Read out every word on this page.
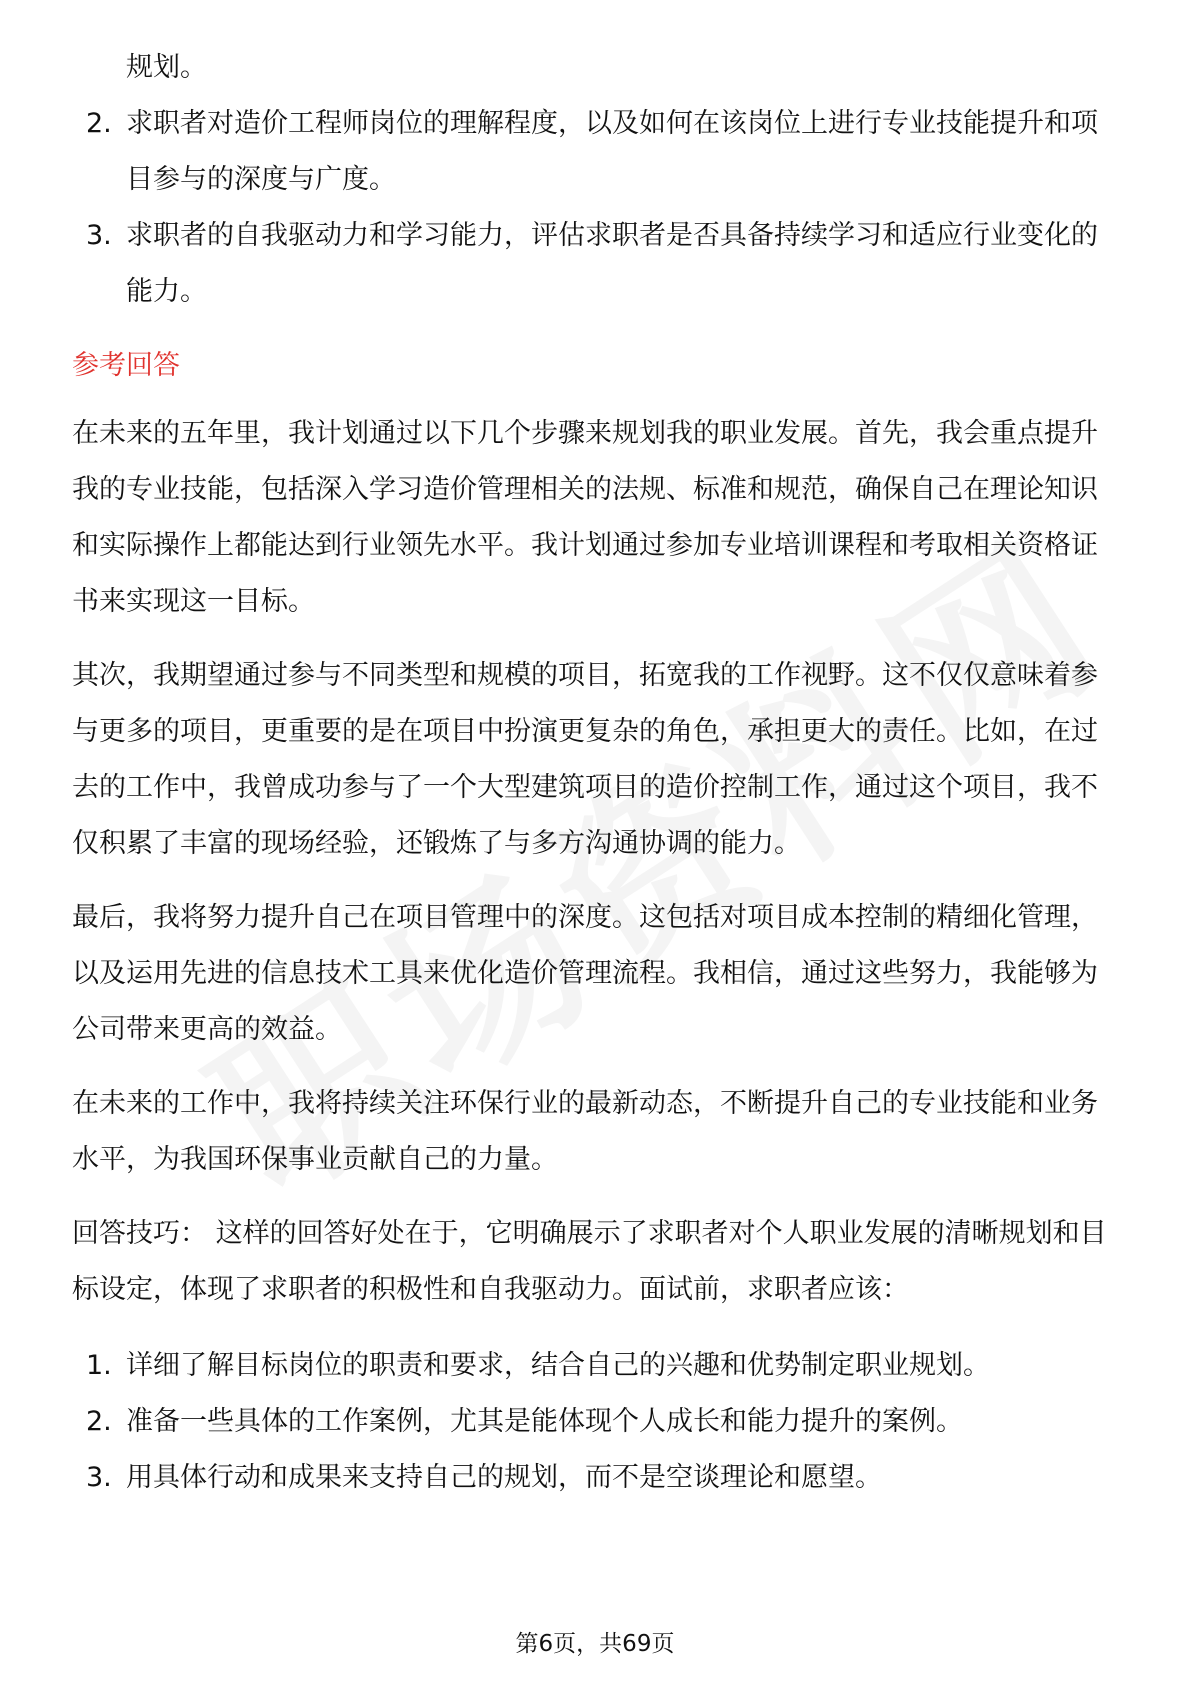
规划。
2. 求职者对造价工程师岗位的理解程度，以及如何在该岗位上进行专业技能提升和项目参与的深度与广度。
3. 求职者的自我驱动力和学习能力，评估求职者是否具备持续学习和适应行业变化的能力。
参考回答
在未来的五年里，我计划通过以下几个步骤来规划我的职业发展。首先，我会重点提升我的专业技能，包括深入学习造价管理相关的法规、标准和规范，确保自己在理论知识和实际操作上都能达到行业领先水平。我计划通过参加专业培训课程和考取相关资格证书来实现这一目标。
其次，我期望通过参与不同类型和规模的项目，拓宽我的工作视野。这不仅仅意味着参与更多的项目，更重要的是在项目中扮演更复杂的角色，承担更大的责任。比如，在过去的工作中，我曾成功参与了一个大型建筑项目的造价控制工作，通过这个项目，我不仅积累了丰富的现场经验，还锻炼了与多方沟通协调的能力。
最后，我将努力提升自己在项目管理中的深度。这包括对项目成本控制的精细化管理，以及运用先进的信息技术工具来优化造价管理流程。我相信，通过这些努力，我能够为公司带来更高的效益。
在未来的工作中，我将持续关注环保行业的最新动态，不断提升自己的专业技能和业务水平，为我国环保事业贡献自己的力量。
回答技巧： 这样的回答好处在于，它明确展示了求职者对个人职业发展的清晰规划和目标设定，体现了求职者的积极性和自我驱动力。面试前，求职者应该：
1. 详细了解目标岗位的职责和要求，结合自己的兴趣和优势制定职业规划。
2. 准备一些具体的工作案例，尤其是能体现个人成长和能力提升的案例。
3. 用具体行动和成果来支持自己的规划，而不是空谈理论和愿望。
第6页，共69页
